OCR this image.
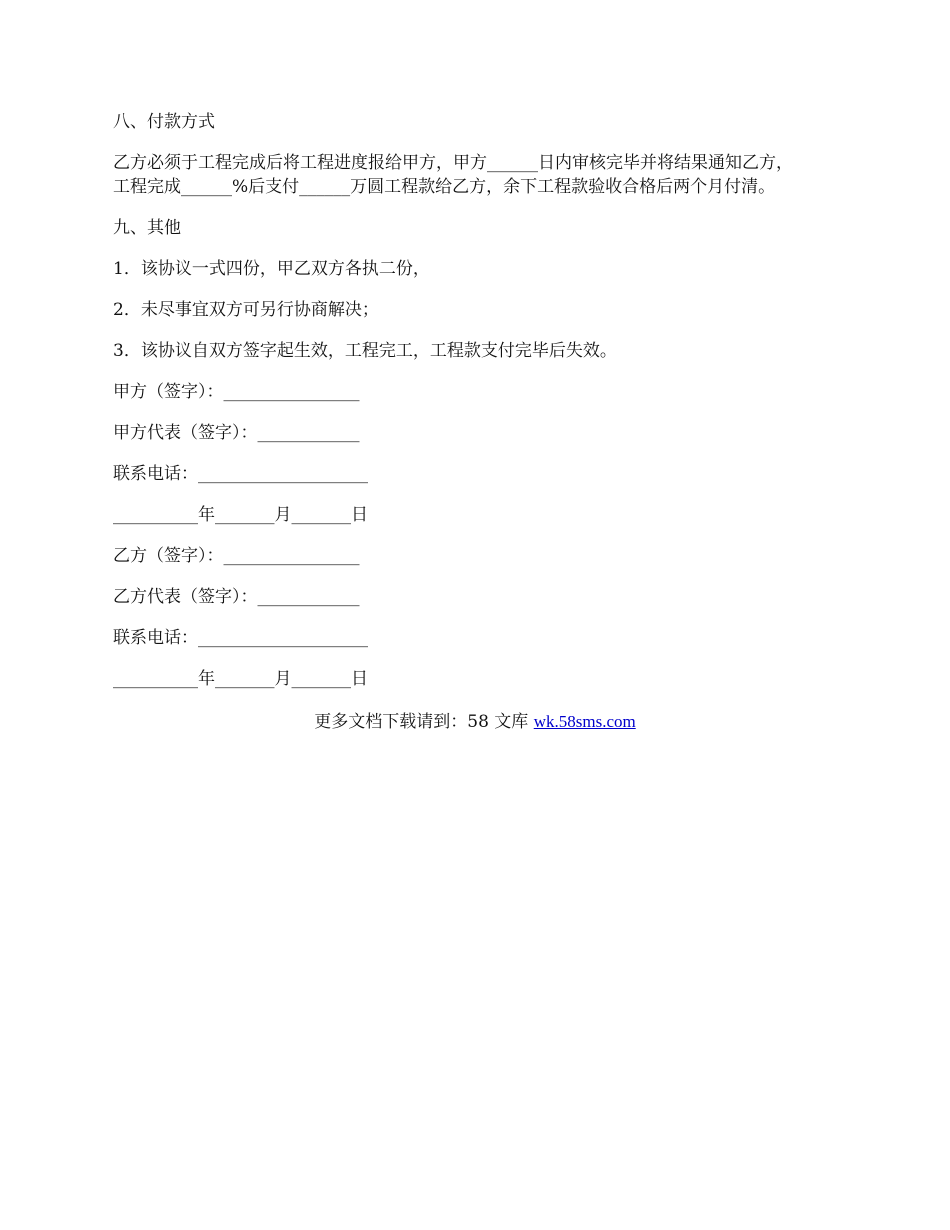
八、付款方式
乙方必须于工程完成后将工程进度报给甲方，甲方______日内审核完毕并将结果通知乙方，
工程完成______%后支付______万圆工程款给乙方，余下工程款验收合格后两个月付清。
九、其他
1．该协议一式四份，甲乙双方各执二份，
2．未尽事宜双方可另行协商解决；
3．该协议自双方签字起生效，工程完工，工程款支付完毕后失效。
甲方（签字）：________________
甲方代表（签字）：____________
联系电话：____________________
__________年_______月_______日
乙方（签字）：________________
乙方代表（签字）：____________
联系电话：____________________
__________年_______月_______日
更多文档下载请到：58 文库 wk.58sms.com
